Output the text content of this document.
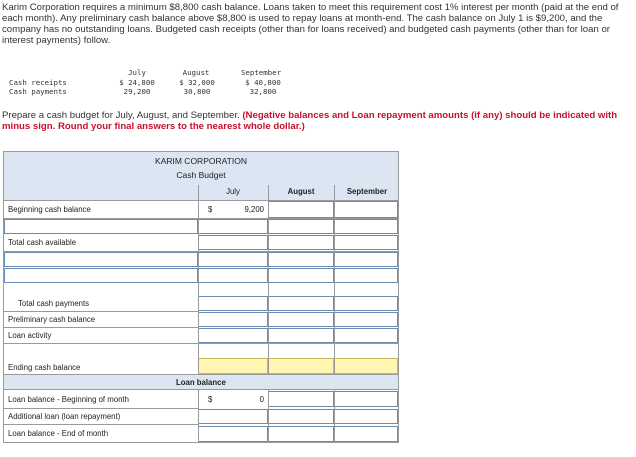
Karim Corporation requires a minimum $8,800 cash balance. Loans taken to meet this requirement cost 1% interest per month (paid at the end of each month). Any preliminary cash balance above $8,800 is used to repay loans at month-end. The cash balance on July 1 is $9,200, and the company has no outstanding loans. Budgeted cash receipts (other than for loans received) and budgeted cash payments (other than for loan or interest payments) follow.
July	August	September
Cash receipts	$ 24,800	$ 32,000	$ 40,800
Cash payments	29,200	30,800	32,800
Prepare a cash budget for July, August, and September. (Negative balances and Loan repayment amounts (if any) should be indicated with minus sign. Round your final answers to the nearest whole dollar.)
KARIM CORPORATION
Cash Budget
July	August	September
Beginning cash balance	$	9,200
Total cash available
Total cash payments
Preliminary cash balance
Loan activity
Ending cash balance
Loan balance
Loan balance - Beginning of month	$	0
Additional loan (loan repayment)
Loan balance - End of month
